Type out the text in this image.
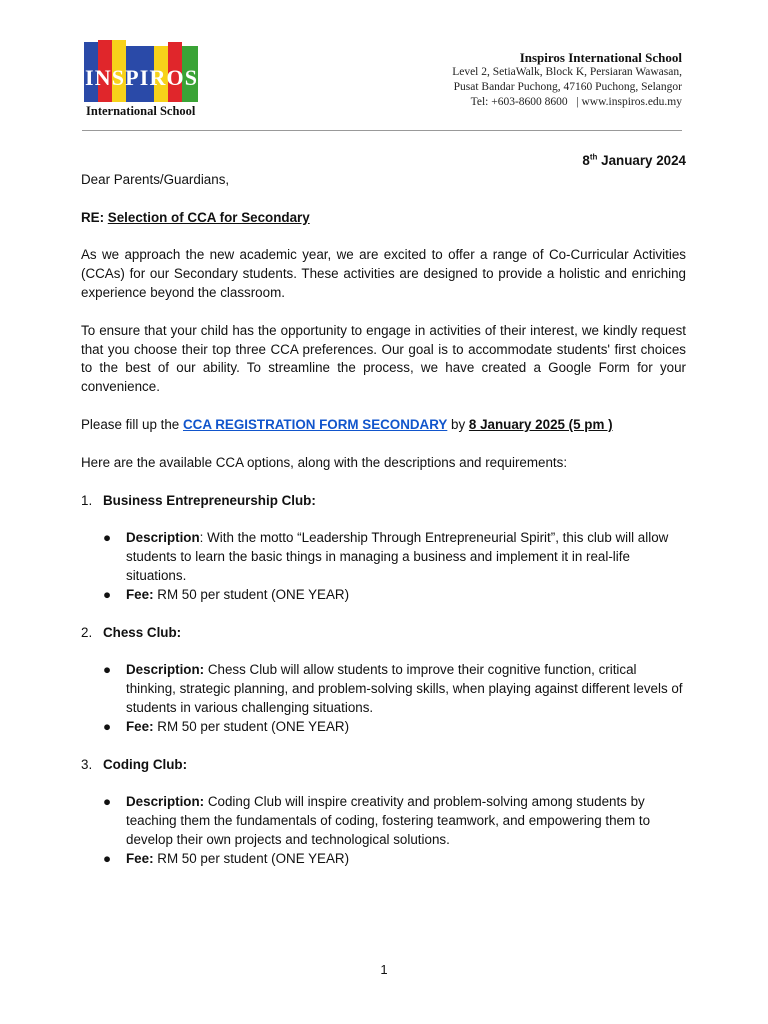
INSPIROS
International School
Inspiros International School
Level 2, SetiaWalk, Block K, Persiaran Wawasan,
Pusat Bandar Puchong, 47160 Puchong, Selangor
Tel: +603-8600 8600   | www.inspiros.edu.my

8th January 2024

Dear Parents/Guardians,

RE: Selection of CCA for Secondary

As we approach the new academic year, we are excited to offer a range of Co-Curricular Activities (CCAs) for our Secondary students. These activities are designed to provide a holistic and enriching experience beyond the classroom.

To ensure that your child has the opportunity to engage in activities of their interest, we kindly request that you choose their top three CCA preferences. Our goal is to accommodate students' first choices to the best of our ability. To streamline the process, we have created a Google Form for your convenience.

Please fill up the CCA REGISTRATION FORM SECONDARY by 8 January 2025 (5 pm )

Here are the available CCA options, along with the descriptions and requirements:

1. Business Entrepreneurship Club:
● Description: With the motto “Leadership Through Entrepreneurial Spirit”, this club will allow students to learn the basic things in managing a business and implement it in real-life situations.
● Fee: RM 50 per student (ONE YEAR)
2. Chess Club:
● Description: Chess Club will allow students to improve their cognitive function, critical thinking, strategic planning, and problem-solving skills, when playing against different levels of students in various challenging situations.
● Fee: RM 50 per student (ONE YEAR)
3. Coding Club:
● Description: Coding Club will inspire creativity and problem-solving among students by teaching them the fundamentals of coding, fostering teamwork, and empowering them to develop their own projects and technological solutions.
● Fee: RM 50 per student (ONE YEAR)
1
